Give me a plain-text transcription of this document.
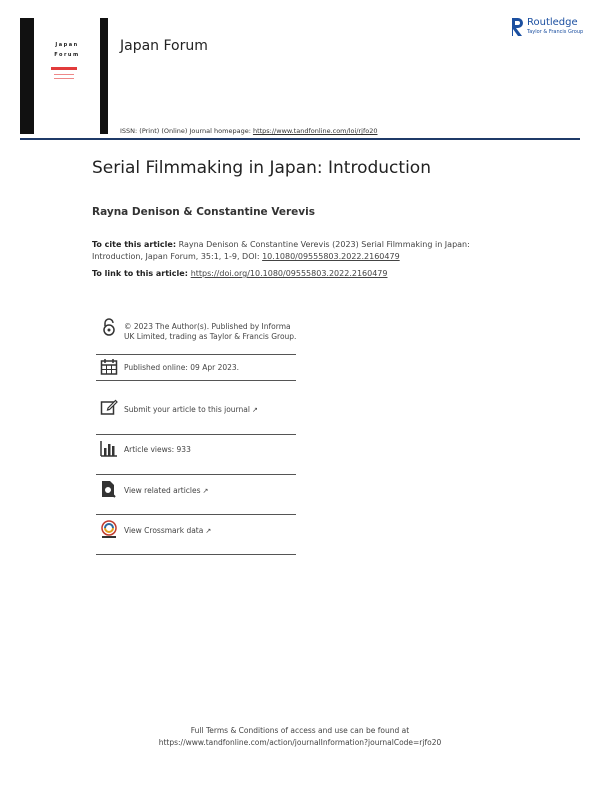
Japan
Forum
Japan Forum
ISSN: (Print) (Online) Journal homepage: https://www.tandfonline.com/loi/rjfo20
Routledge
Taylor & Francis Group
Serial Filmmaking in Japan: Introduction
Rayna Denison & Constantine Verevis
To cite this article: Rayna Denison & Constantine Verevis (2023) Serial Filmmaking in Japan:
Introduction, Japan Forum, 35:1, 1-9, DOI: 10.1080/09555803.2022.2160479
To link to this article: https://doi.org/10.1080/09555803.2022.2160479
© 2023 The Author(s). Published by Informa UK Limited, trading as Taylor & Francis Group.
Published online: 09 Apr 2023.
Submit your article to this journal ↗
Article views: 933
View related articles ↗
View Crossmark data ↗
Full Terms & Conditions of access and use can be found at
https://www.tandfonline.com/action/journalInformation?journalCode=rjfo20
